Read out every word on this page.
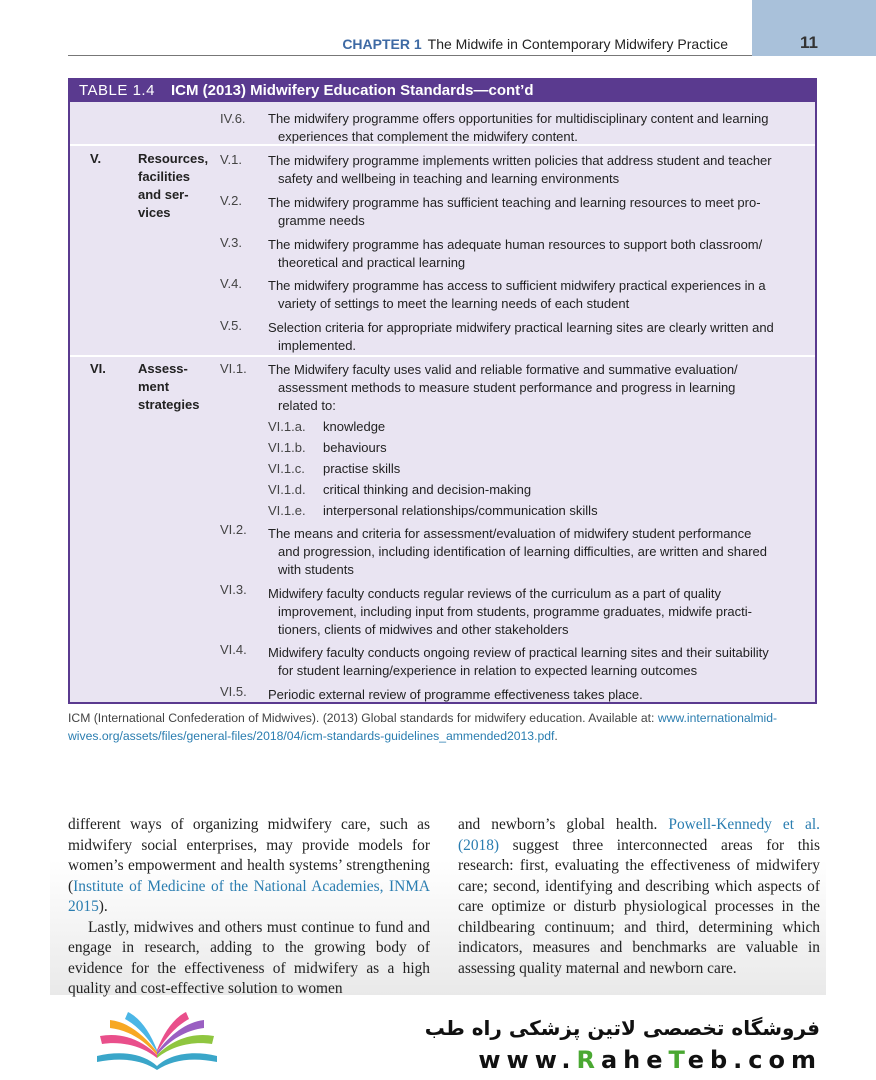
11
CHAPTER 1 The Midwife in Contemporary Midwifery Practice
TABLE 1.4 ICM (2013) Midwifery Education Standards—cont’d
V.	Resources,
facilities
and ser-
vices
VI. Assess-
ment
strategies
IV.6. The midwifery programme offers opportunities for multidisciplinary content and learning
experiences that complement the midwifery content.
V.1. The midwifery programme implements written policies that address student and teacher
safety and wellbeing in teaching and learning environments
V.2. The midwifery programme has sufficient teaching and learning resources to meet pro-
gramme needs
V.3. The midwifery programme has adequate human resources to support both classroom/
theoretical and practical learning
V.4. The midwifery programme has access to sufficient midwifery practical experiences in a
variety of settings to meet the learning needs of each student
V.5. Selection criteria for appropriate midwifery practical learning sites are clearly written and
implemented.
VI.1. The Midwifery faculty uses valid and reliable formative and summative evaluation/
assessment methods to measure student performance and progress in learning
related to:
VI.1.a. knowledge
VI.1.b. behaviours
VI.1.c. practise skills
VI.1.d. critical thinking and decision-making
VI.1.e. interpersonal relationships/communication skills
VI.2. The means and criteria for assessment/evaluation of midwifery student performance
and progression, including identification of learning difficulties, are written and shared
with students
VI.3. Midwifery faculty conducts regular reviews of the curriculum as a part of quality
improvement, including input from students, programme graduates, midwife practi-
tioners, clients of midwives and other stakeholders
VI.4. Midwifery faculty conducts ongoing review of practical learning sites and their suitability
for student learning/experience in relation to expected learning outcomes
VI.5. Periodic external review of programme effectiveness takes place.
ICM (International Confederation of Midwives). (2013) Global standards for midwifery education. Available at: www.internationalmidwives.org/assets/files/general-files/2018/04/icm-standards-guidelines_ammended2013.pdf.
different ways of organizing midwifery care, such as midwifery social enterprises, may provide models for women’s empowerment and health systems’ strengthening (Institute of Medicine of the National Academies, INMA 2015).
Lastly, midwives and others must continue to fund and engage in research, adding to the growing body of evidence for the effectiveness of midwifery as a high quality and cost-effective solution to women
and newborn’s global health. Powell-Kennedy et al. (2018) suggest three interconnected areas for this research: first, evaluating the effectiveness of midwifery care; second, identifying and describing which aspects of care optimize or disturb physiological processes in the childbearing continuum; and third, determining which indicators, measures and benchmarks are valuable in assessing quality maternal and newborn care.
فروشگاه تخصصی لاتین پزشکی راه طب
www.RaheTeb.com
